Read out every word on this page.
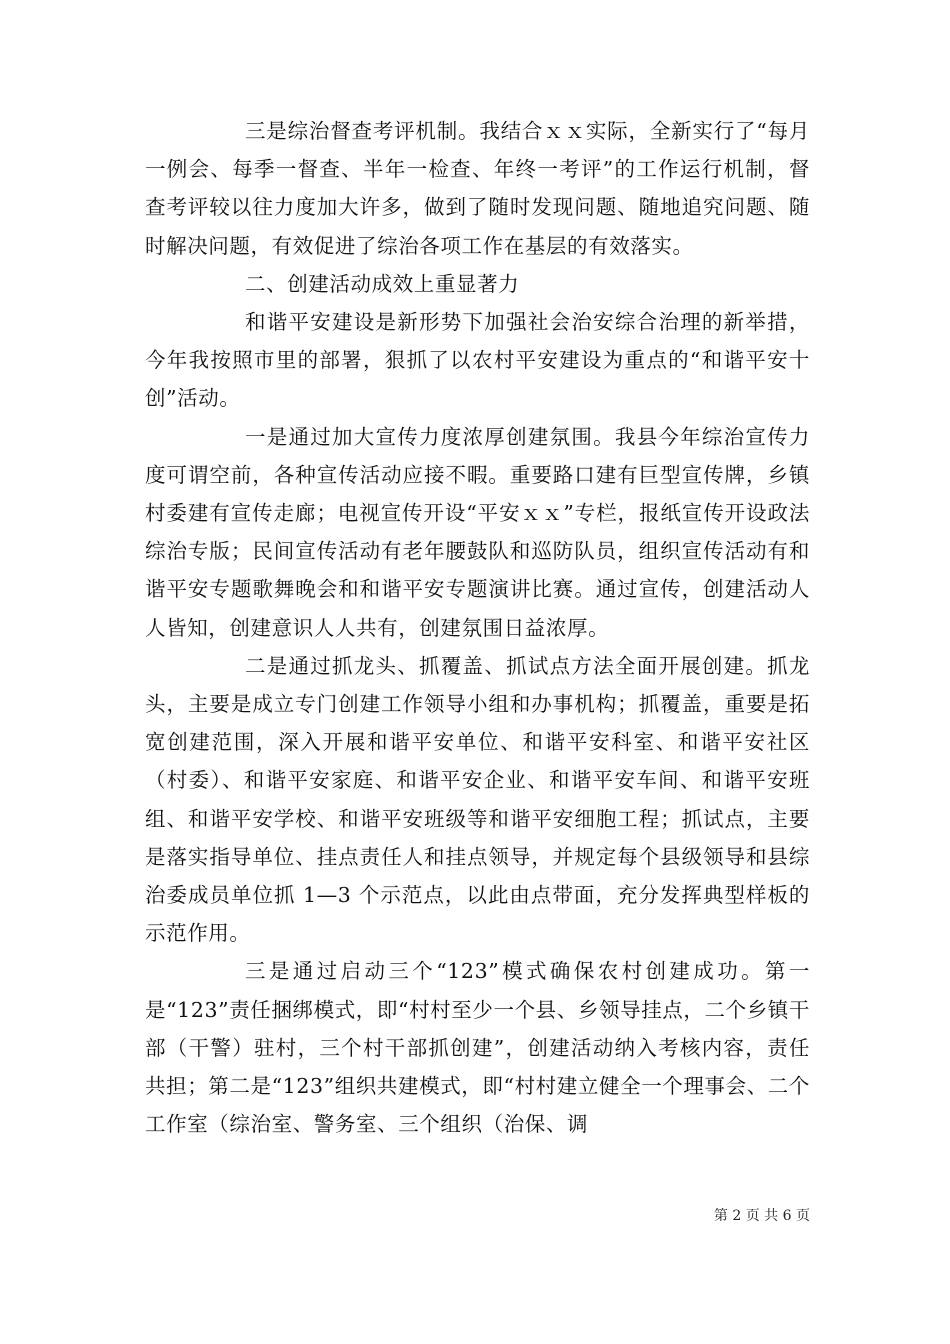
三是综治督查考评机制。我结合ｘｘ实际，全新实行了“每月一例会、每季一督查、半年一检查、年终一考评”的工作运行机制，督查考评较以往力度加大许多，做到了随时发现问题、随地追究问题、随时解决问题，有效促进了综治各项工作在基层的有效落实。

二、创建活动成效上重显著力

和谐平安建设是新形势下加强社会治安综合治理的新举措，今年我按照市里的部署，狠抓了以农村平安建设为重点的“和谐平安十创”活动。

一是通过加大宣传力度浓厚创建氛围。我县今年综治宣传力度可谓空前，各种宣传活动应接不暇。重要路口建有巨型宣传牌，乡镇村委建有宣传走廊；电视宣传开设“平安ｘｘ”专栏，报纸宣传开设政法综治专版；民间宣传活动有老年腰鼓队和巡防队员，组织宣传活动有和谐平安专题歌舞晚会和和谐平安专题演讲比赛。通过宣传，创建活动人人皆知，创建意识人人共有，创建氛围日益浓厚。

二是通过抓龙头、抓覆盖、抓试点方法全面开展创建。抓龙头，主要是成立专门创建工作领导小组和办事机构；抓覆盖，重要是拓宽创建范围，深入开展和谐平安单位、和谐平安科室、和谐平安社区（村委）、和谐平安家庭、和谐平安企业、和谐平安车间、和谐平安班组、和谐平安学校、和谐平安班级等和谐平安细胞工程；抓试点，主要是落实指导单位、挂点责任人和挂点领导，并规定每个县级领导和县综治委成员单位抓 1—3 个示范点，以此由点带面，充分发挥典型样板的示范作用。

三是通过启动三个“123”模式确保农村创建成功。第一是“123”责任捆绑模式，即“村村至少一个县、乡领导挂点，二个乡镇干部（干警）驻村，三个村干部抓创建”，创建活动纳入考核内容，责任共担；第二是“123”组织共建模式，即“村村建立健全一个理事会、二个工作室（综治室、警务室、三个组织（治保、调

第 2 页 共 6 页
